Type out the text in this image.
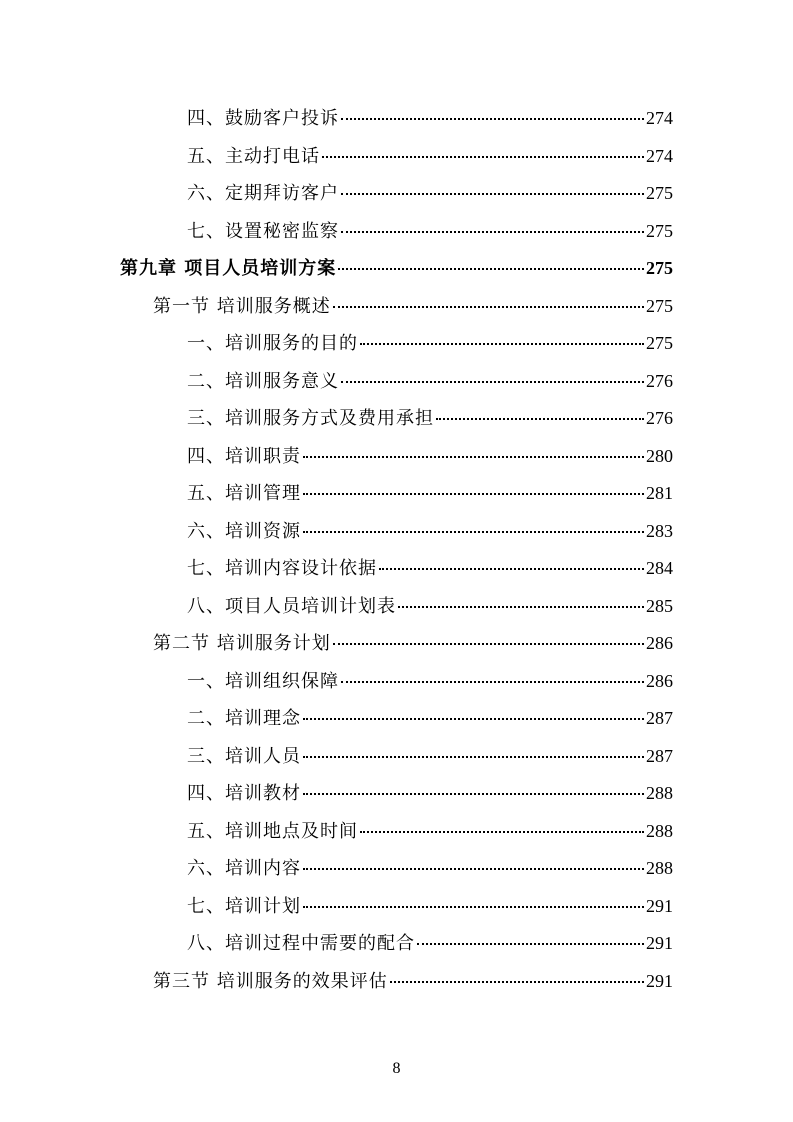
四、鼓励客户投诉	274
五、主动打电话	274
六、定期拜访客户	275
七、设置秘密监察	275
第九章 项目人员培训方案	275
第一节 培训服务概述	275
一、培训服务的目的	275
二、培训服务意义	276
三、培训服务方式及费用承担	276
四、培训职责	280
五、培训管理	281
六、培训资源	283
七、培训内容设计依据	284
八、项目人员培训计划表	285
第二节 培训服务计划	286
一、培训组织保障	286
二、培训理念	287
三、培训人员	287
四、培训教材	288
五、培训地点及时间	288
六、培训内容	288
七、培训计划	291
八、培训过程中需要的配合	291
第三节 培训服务的效果评估	291
8
